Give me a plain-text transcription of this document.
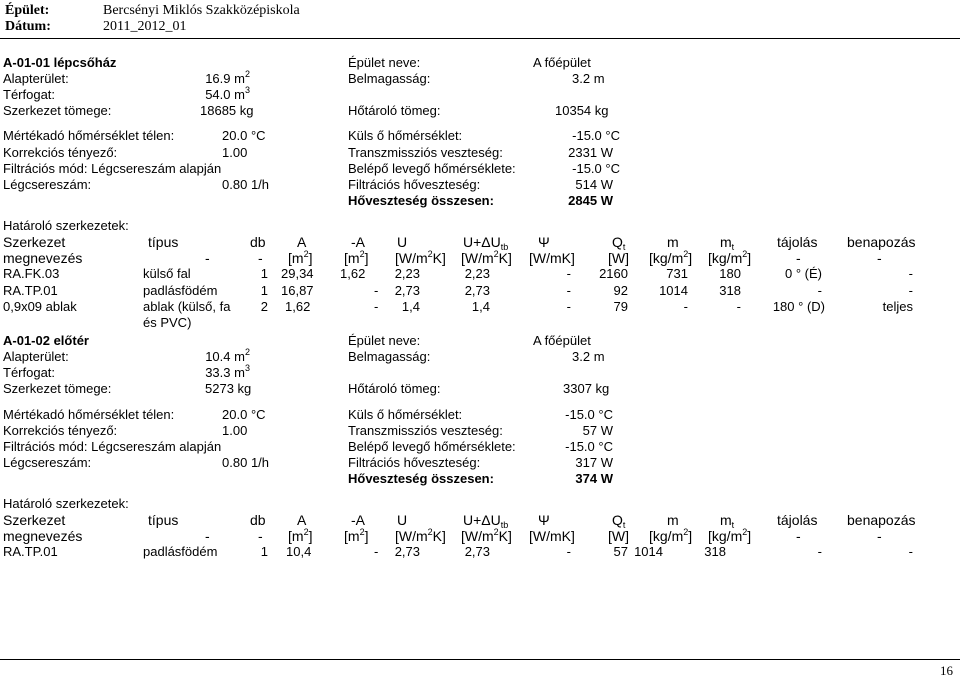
Épület:	Bercsényi Miklós Szakközépiskola
Dátum:	2011_2012_01
A-01-01 lépcsőház
Alapterület:	16.9 $m^2$
Térfogat:	54.0 $m^3$
Szerkezet tömege:	18685 kg
Épület neve:	A főépület
Belmagasság:	3.2 m
Hőtároló tömeg:	10354 kg
Mértékadó hőmérséklet télen:	20.0 °C
Korrekciós tényező:	1.00
Filtrációs mód: Légcsereszám alapján
Légcsereszám:	0.80 1/h
Küls ő hőmérséklet:	-15.0 °C
Transzmissziós veszteség:	2331 W
Belépő levegő hőmérséklete:	-15.0 °C
Filtrációs hőveszteség:	514 W
Hőveszteség összesen:	2845 W
Határoló szerkezetek:
Szerkezet	típus	db A	-A U	$U+\Delta U_{tb}$ Ψ	$Q_t$	m	$m_t$	tájolás benapozás
megnevezés	-	- $[m^2]$ $[m^2]$ $[W/m^2K]$ $[W/m^2K]$ [W/mK] [W] $[kg/m^2]$ $[kg/m^2]$	-	-
RA.FK.03	külső fal	1 29,34 1,62	2,23	2,23	-	2160	731	180	0 ° (É)	-
RA.TP.01	padlásfödém	1 16,87	-	2,73	2,73	-	92	1014	318	-	-
0,9x09 ablak	ablak (külső, fa
és PVC)
2 1,62	-	1,4	1,4	-	79	-	-	180 ° (D)	teljes
A-01-02 előtér
Alapterület:	10.4 $m^2$
Térfogat:	33.3 $m^3$
Szerkezet tömege:	5273 kg
Épület neve:	A főépület
Belmagasság:	3.2 m
Hőtároló tömeg:	3307 kg
Mértékadó hőmérséklet télen:	20.0 °C
Korrekciós tényező:	1.00
Filtrációs mód: Légcsereszám alapján
Légcsereszám:	0.80 1/h
Küls ő hőmérséklet:	-15.0 °C
Transzmissziós veszteség:	57 W
Belépő levegő hőmérséklete:	-15.0 °C
Filtrációs hőveszteség:	317 W
Hőveszteség összesen:	374 W
Határoló szerkezetek:
Szerkezet	típus	db A	-A U	$U+\Delta U_{tb}$ Ψ	$Q_t$	m	$m_t$	tájolás benapozás
megnevezés	-	- $[m^2]$ $[m^2]$ $[W/m^2K]$ $[W/m^2K]$ [W/mK] [W] $[kg/m^2]$ $[kg/m^2]$	-	-
RA.TP.01	padlásfödém	1 10,4	-	2,73	2,73	-	57 1014	318	-	-
16
